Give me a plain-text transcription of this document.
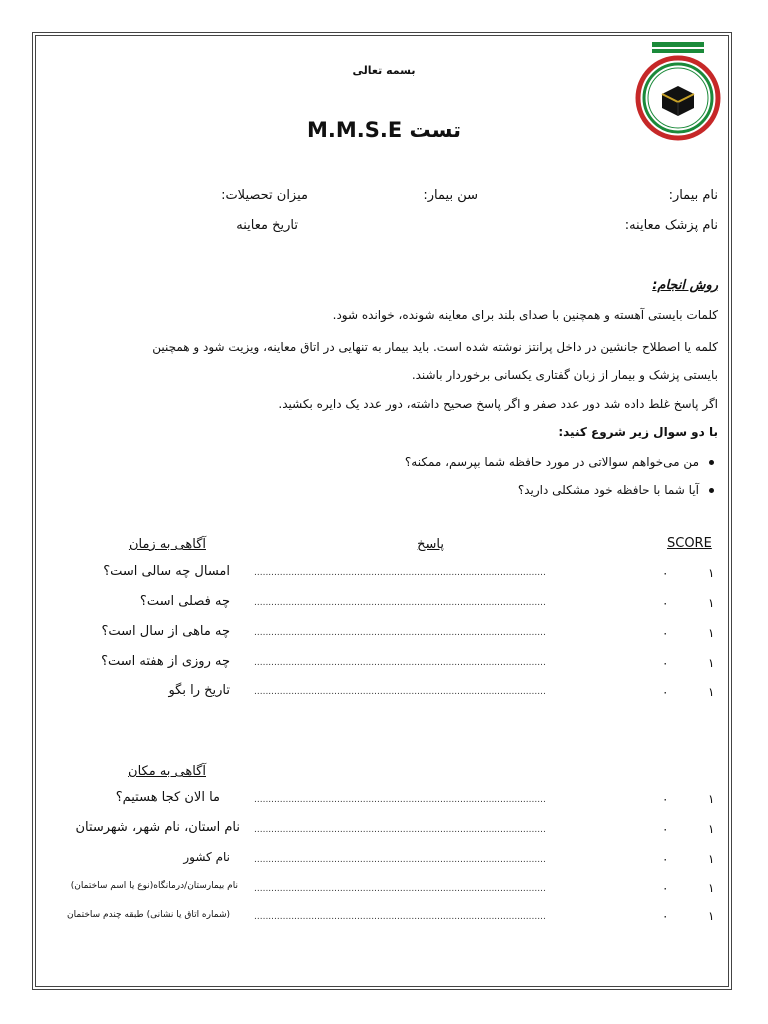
بسمه تعالی
تست M.M.S.E
نام بیمار:
سن بیمار:
میزان تحصیلات:
نام پزشک معاینه:
تاریخ معاینه
روش انجام:
کلمات بایستی آهسته و همچنین با صدای بلند برای معاینه شونده، خوانده شود.
کلمه یا اصطلاح جانشین در داخل پرانتز نوشته شده است. باید بیمار به تنهایی در اتاق معاینه، ویزیت شود و همچنین
بایستی پزشک و بیمار از زبان گفتاری یکسانی برخوردار باشند.
اگر پاسخ غلط داده شد دور عدد صفر و اگر پاسخ صحیح داشته، دور عدد یک دایره بکشید.
با دو سوال زیر شروع کنید:
من می‌خواهم سوالاتی در مورد حافظه شما بپرسم، ممکنه؟
آیا شما با حافظه خود مشکلی دارید؟
آگاهی به زمان	پاسخ	SCORE
امسال چه سالی است؟	......................................................................................................	۰	۱
چه فصلی است؟	......................................................................................................	۰	۱
چه ماهی از سال است؟	......................................................................................................	۰	۱
چه روزی از هفته است؟	......................................................................................................	۰	۱
تاریخ را بگو	......................................................................................................	۰	۱
آگاهی به مکان
ما الان کجا هستیم؟	......................................................................................................	۰	۱
نام استان، نام شهر، شهرستان ......................................................................................................	۰	۱
نام کشور	......................................................................................................	۰	۱
نام بیمارستان/درمانگاه(نوع یا اسم ساختمان) ......................................................................................................	۰	۱
(شماره اتاق یا نشانی) طبقه چندم ساختمان	......................................................................................................	۰	۱
